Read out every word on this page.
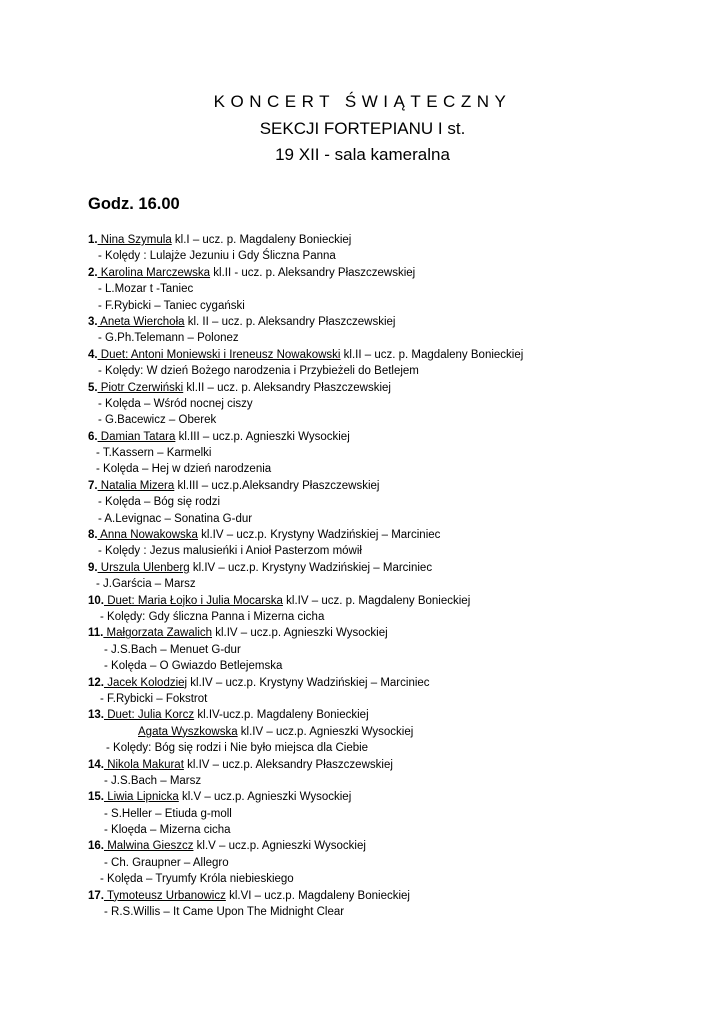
KONCERT ŚWIĄTECZNY
SEKCJI FORTEPIANU I st.
19 XII - sala kameralna
Godz. 16.00
1. Nina Szymula kl.I – ucz. p. Magdaleny Bonieckiej
- Kolędy : Lulajże Jezuniu i Gdy Śliczna Panna
2. Karolina Marczewska kl.II - ucz. p. Aleksandry Płaszczewskiej
- L.Mozar t -Taniec
- F.Rybicki – Taniec cygański
3. Aneta Wierchoła kl. II – ucz. p. Aleksandry Płaszczewskiej
- G.Ph.Telemann – Polonez
4. Duet: Antoni Moniewski i Ireneusz Nowakowski kl.II – ucz. p. Magdaleny Bonieckiej
- Kolędy: W dzień Bożego narodzenia i Przybieżeli do Betlejem
5. Piotr Czerwiński kl.II – ucz. p. Aleksandry Płaszczewskiej
- Kolęda – Wśród nocnej ciszy
- G.Bacewicz – Oberek
6. Damian Tatara kl.III – ucz.p. Agnieszki Wysockiej
- T.Kassern – Karmelki
- Kolęda – Hej w dzień narodzenia
7. Natalia Mizera kl.III – ucz.p.Aleksandry Płaszczewskiej
- Kolęda – Bóg się rodzi
- A.Levignac – Sonatina G-dur
8. Anna Nowakowska kl.IV – ucz.p. Krystyny Wadzińskiej – Marciniec
- Kolędy : Jezus malusieńki i Anioł Pasterzom mówił
9. Urszula Ulenberg kl.IV – ucz.p. Krystyny Wadzińskiej – Marciniec
- J.Garścia – Marsz
10. Duet: Maria Łojko i Julia Mocarska kl.IV – ucz. p. Magdaleny Bonieckiej
- Kolędy: Gdy śliczna Panna i Mizerna cicha
11. Małgorzata Zawalich kl.IV – ucz.p. Agnieszki Wysockiej
- J.S.Bach – Menuet G-dur
- Kolęda – O Gwiazdo Betlejemska
12. Jacek Kolodziej kl.IV – ucz.p. Krystyny Wadzińskiej – Marciniec
- F.Rybicki – Fokstrot
13. Duet: Julia Korcz kl.IV-ucz.p. Magdaleny Bonieckiej
Agata Wyszkowska kl.IV – ucz.p. Agnieszki Wysockiej
- Kolędy: Bóg się rodzi i Nie było miejsca dla Ciebie
14. Nikola Makurat kl.IV – ucz.p. Aleksandry Płaszczewskiej
- J.S.Bach – Marsz
15. Liwia Lipnicka kl.V – ucz.p. Agnieszki Wysockiej
- S.Heller – Etiuda g-moll
- Kloęda – Mizerna cicha
16. Malwina Gieszcz kl.V – ucz.p. Agnieszki Wysockiej
- Ch. Graupner – Allegro
- Kolęda – Tryumfy Króla niebieskiego
17. Tymoteusz Urbanowicz kl.VI – ucz.p. Magdaleny Bonieckiej
- R.S.Willis – It Came Upon The Midnight Clear
